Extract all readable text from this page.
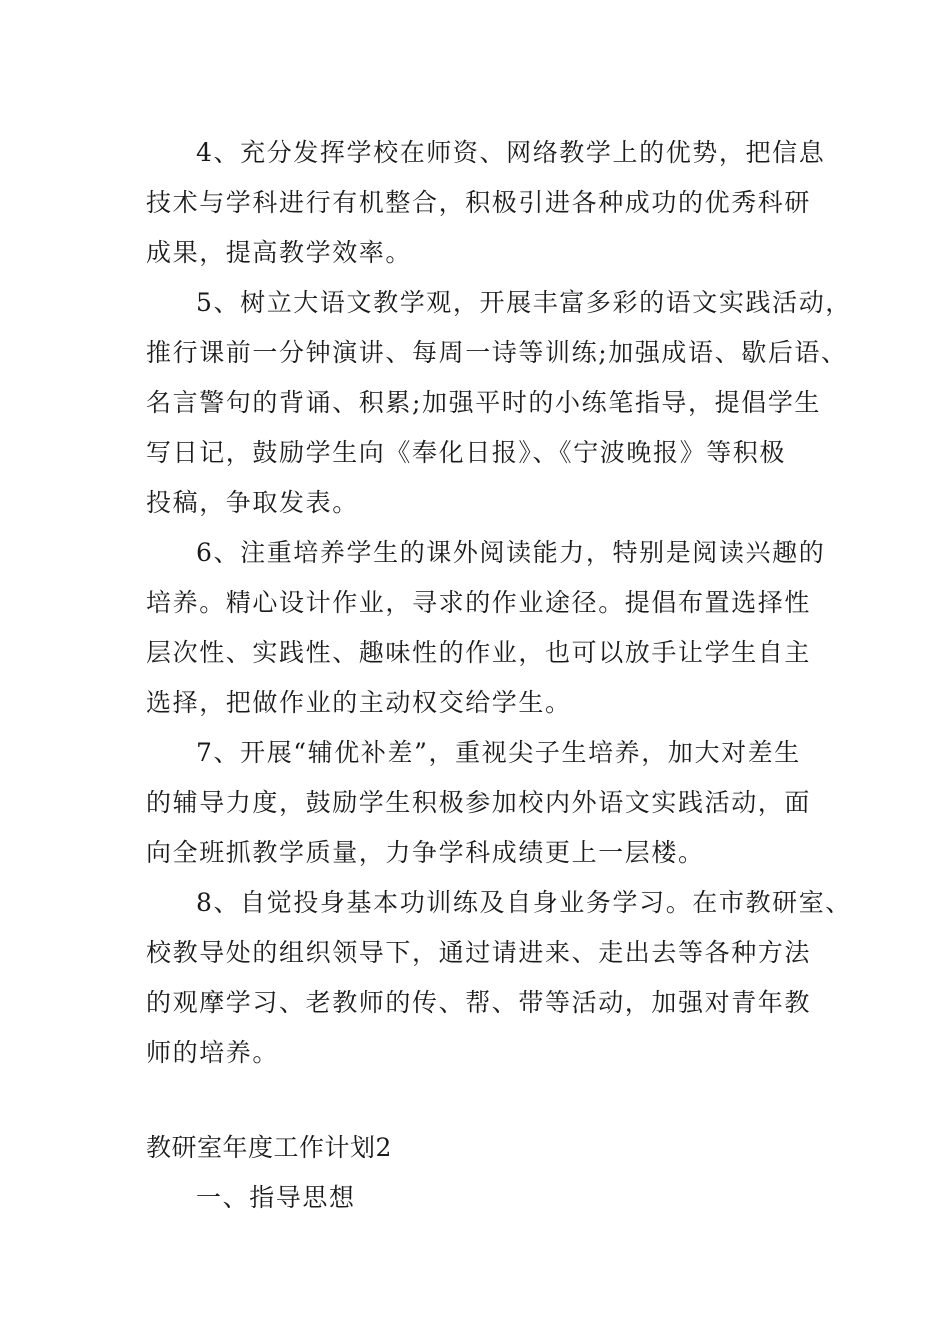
4、充分发挥学校在师资、网络教学上的优势，把信息
技术与学科进行有机整合，积极引进各种成功的优秀科研
成果，提高教学效率。
5、树立大语文教学观，开展丰富多彩的语文实践活动，
推行课前一分钟演讲、每周一诗等训练;加强成语、歇后语、
名言警句的背诵、积累;加强平时的小练笔指导，提倡学生
写日记，鼓励学生向《奉化日报》、《宁波晚报》等积极
投稿，争取发表。
6、注重培养学生的课外阅读能力，特别是阅读兴趣的
培养。精心设计作业，寻求的作业途径。提倡布置选择性
层次性、实践性、趣味性的作业，也可以放手让学生自主
选择，把做作业的主动权交给学生。
7、开展“辅优补差”，重视尖子生培养，加大对差生
的辅导力度，鼓励学生积极参加校内外语文实践活动，面
向全班抓教学质量，力争学科成绩更上一层楼。
8、自觉投身基本功训练及自身业务学习。在市教研室、
校教导处的组织领导下，通过请进来、走出去等各种方法
的观摩学习、老教师的传、帮、带等活动，加强对青年教
师的培养。
教研室年度工作计划2
一、指导思想
